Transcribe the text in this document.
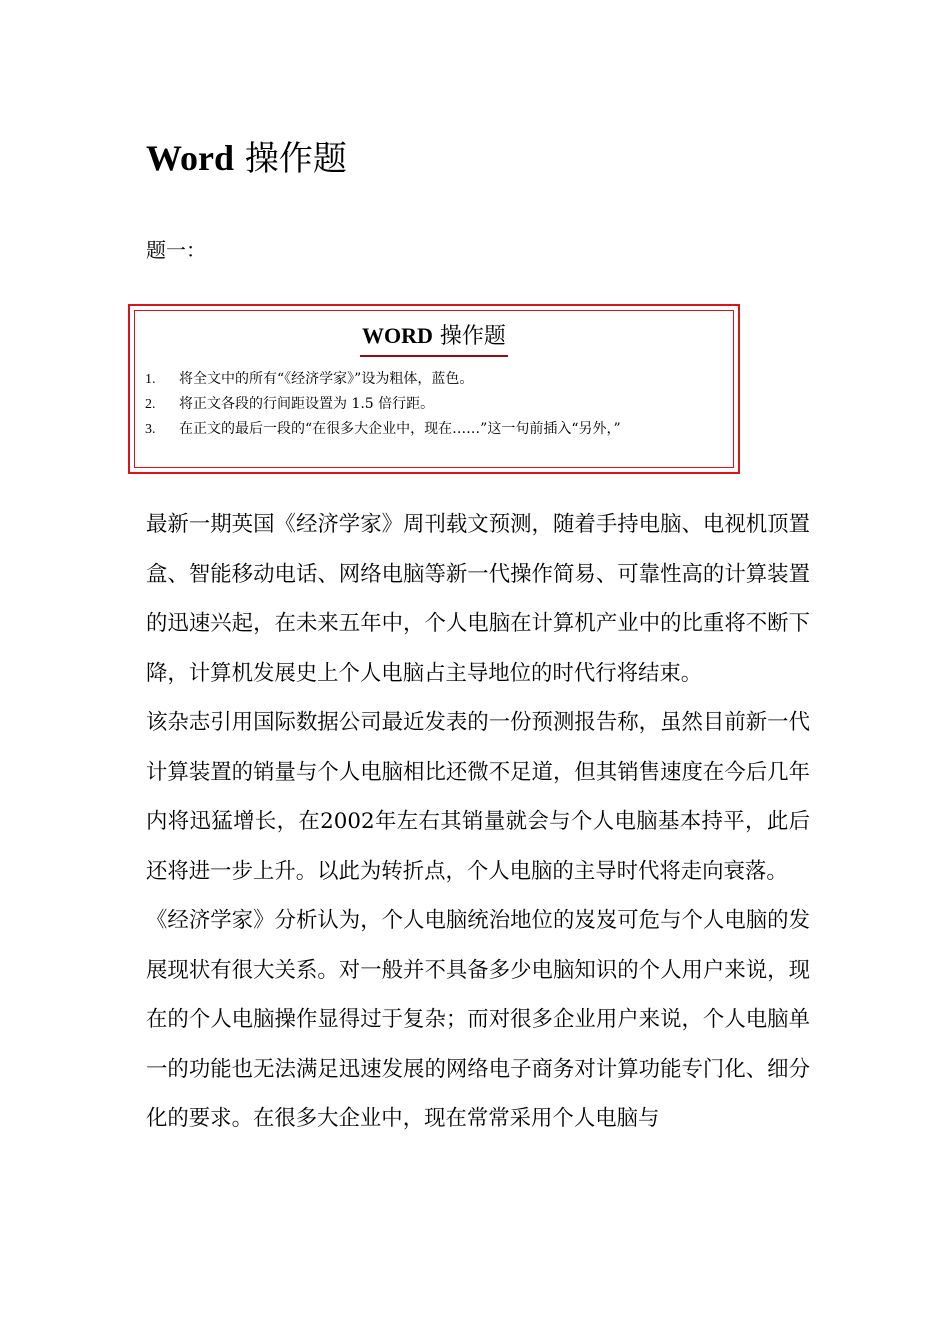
Word 操作题
题一：
WORD 操作题
1.	将全文中的所有“《经济学家》”设为粗体，蓝色。
2.	将正文各段的行间距设置为 1.5 倍行距。
3.	在正文的最后一段的“在很多大企业中，现在……”这一句前插入“另外，”

最新一期英国《经济学家》周刊载文预测，随着手持电脑、电视机顶置盒、智能移动电话、网络电脑等新一代操作简易、可靠性高的计算装置的迅速兴起，在未来五年中，个人电脑在计算机产业中的比重将不断下降，计算机发展史上个人电脑占主导地位的时代行将结束。

该杂志引用国际数据公司最近发表的一份预测报告称，虽然目前新一代计算装置的销量与个人电脑相比还微不足道，但其销售速度在今后几年内将迅猛增长，在2002年左右其销量就会与个人电脑基本持平，此后还将进一步上升。以此为转折点，个人电脑的主导时代将走向衰落。

《经济学家》分析认为，个人电脑统治地位的岌岌可危与个人电脑的发展现状有很大关系。对一般并不具备多少电脑知识的个人用户来说，现在的个人电脑操作显得过于复杂；而对很多企业用户来说，个人电脑单一的功能也无法满足迅速发展的网络电子商务对计算功能专门化、细分化的要求。在很多大企业中，现在常常采用个人电脑与
